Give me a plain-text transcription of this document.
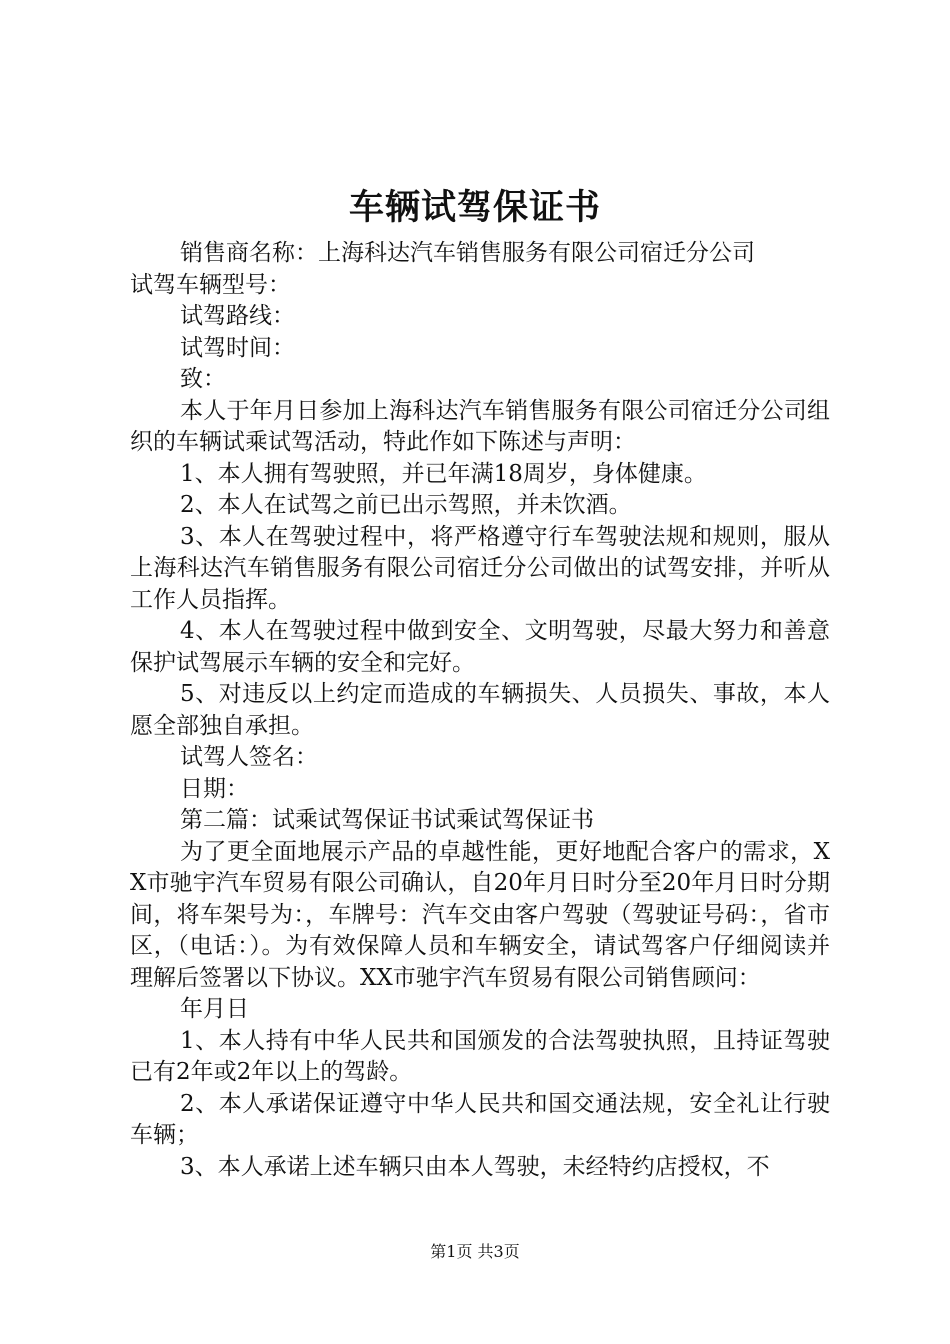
车辆试驾保证书

销售商名称：上海科达汽车销售服务有限公司宿迁分公司

试驾车辆型号：

试驾路线：

试驾时间：

致：

本人于年月日参加上海科达汽车销售服务有限公司宿迁分公司组织的车辆试乘试驾活动，特此作如下陈述与声明：

1、本人拥有驾驶照，并已年满18周岁，身体健康。

2、本人在试驾之前已出示驾照，并未饮酒。

3、本人在驾驶过程中，将严格遵守行车驾驶法规和规则，服从上海科达汽车销售服务有限公司宿迁分公司做出的试驾安排，并听从工作人员指挥。

4、本人在驾驶过程中做到安全、文明驾驶，尽最大努力和善意保护试驾展示车辆的安全和完好。

5、对违反以上约定而造成的车辆损失、人员损失、事故，本人愿全部独自承担。

试驾人签名：

日期：

第二篇：试乘试驾保证书试乘试驾保证书

为了更全面地展示产品的卓越性能，更好地配合客户的需求，XX市驰宇汽车贸易有限公司确认，自20年月日时分至20年月日时分期间，将车架号为：，车牌号：汽车交由客户驾驶（驾驶证号码：，省市区，（电话：）。为有效保障人员和车辆安全，请试驾客户仔细阅读并理解后签署以下协议。XX市驰宇汽车贸易有限公司销售顾问：

年月日

1、本人持有中华人民共和国颁发的合法驾驶执照，且持证驾驶已有2年或2年以上的驾龄。

2、本人承诺保证遵守中华人民共和国交通法规，安全礼让行驶车辆；

3、本人承诺上述车辆只由本人驾驶，未经特约店授权，不

第1页 共3页
